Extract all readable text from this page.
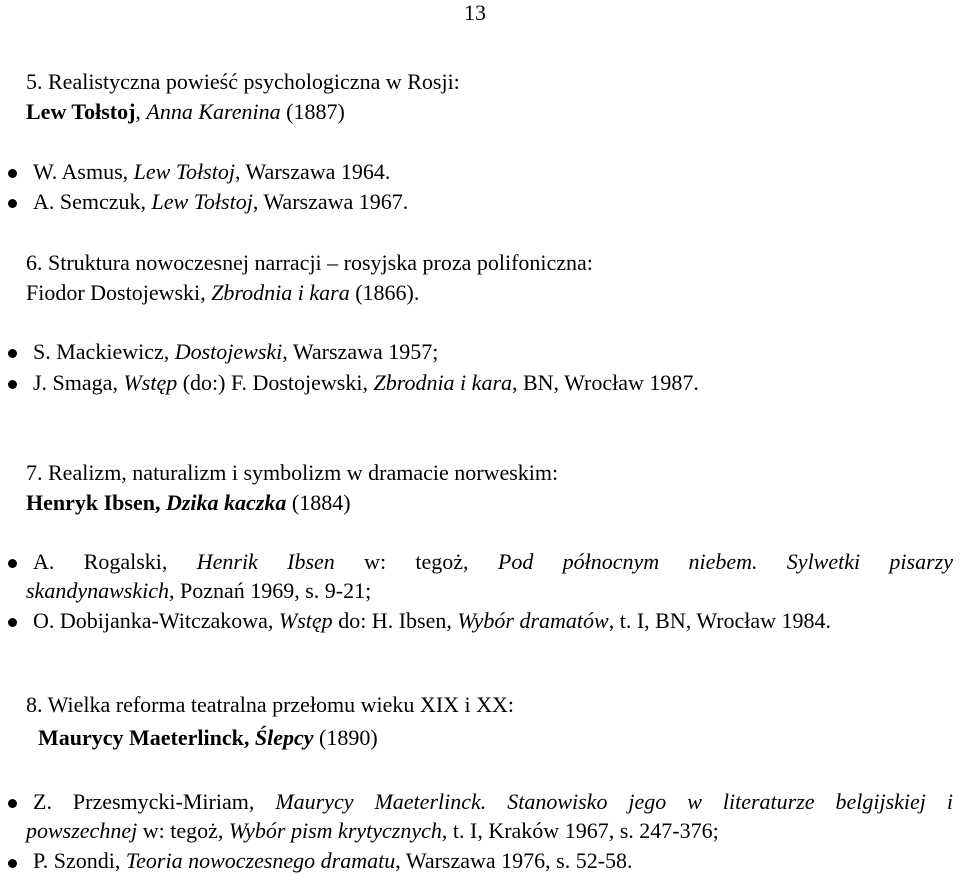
13
5. Realistyczna powieść psychologiczna w Rosji:
Lew Tołstoj, Anna Karenina (1887)
W. Asmus, Lew Tołstoj, Warszawa 1964.
A. Semczuk, Lew Tołstoj, Warszawa 1967.
6. Struktura nowoczesnej narracji – rosyjska proza polifoniczna:
Fiodor Dostojewski, Zbrodnia i kara (1866).
S. Mackiewicz, Dostojewski, Warszawa 1957;
J. Smaga, Wstęp (do:) F. Dostojewski, Zbrodnia i kara, BN, Wrocław 1987.
7. Realizm, naturalizm i symbolizm w dramacie norweskim:
Henryk Ibsen, Dzika kaczka (1884)
A. Rogalski, Henrik Ibsen w: tegoż, Pod północnym niebem. Sylwetki pisarzy
skandynawskich, Poznań 1969, s. 9-21;
O. Dobijanka-Witczakowa, Wstęp do: H. Ibsen, Wybór dramatów, t. I, BN, Wrocław 1984.
8. Wielka reforma teatralna przełomu wieku XIX i XX:
Maurycy Maeterlinck, Ślepcy (1890)
Z. Przesmycki-Miriam, Maurycy Maeterlinck. Stanowisko jego w literaturze belgijskiej i
powszechnej w: tegoż, Wybór pism krytycznych, t. I, Kraków 1967, s. 247-376;
P. Szondi, Teoria nowoczesnego dramatu, Warszawa 1976, s. 52-58.
